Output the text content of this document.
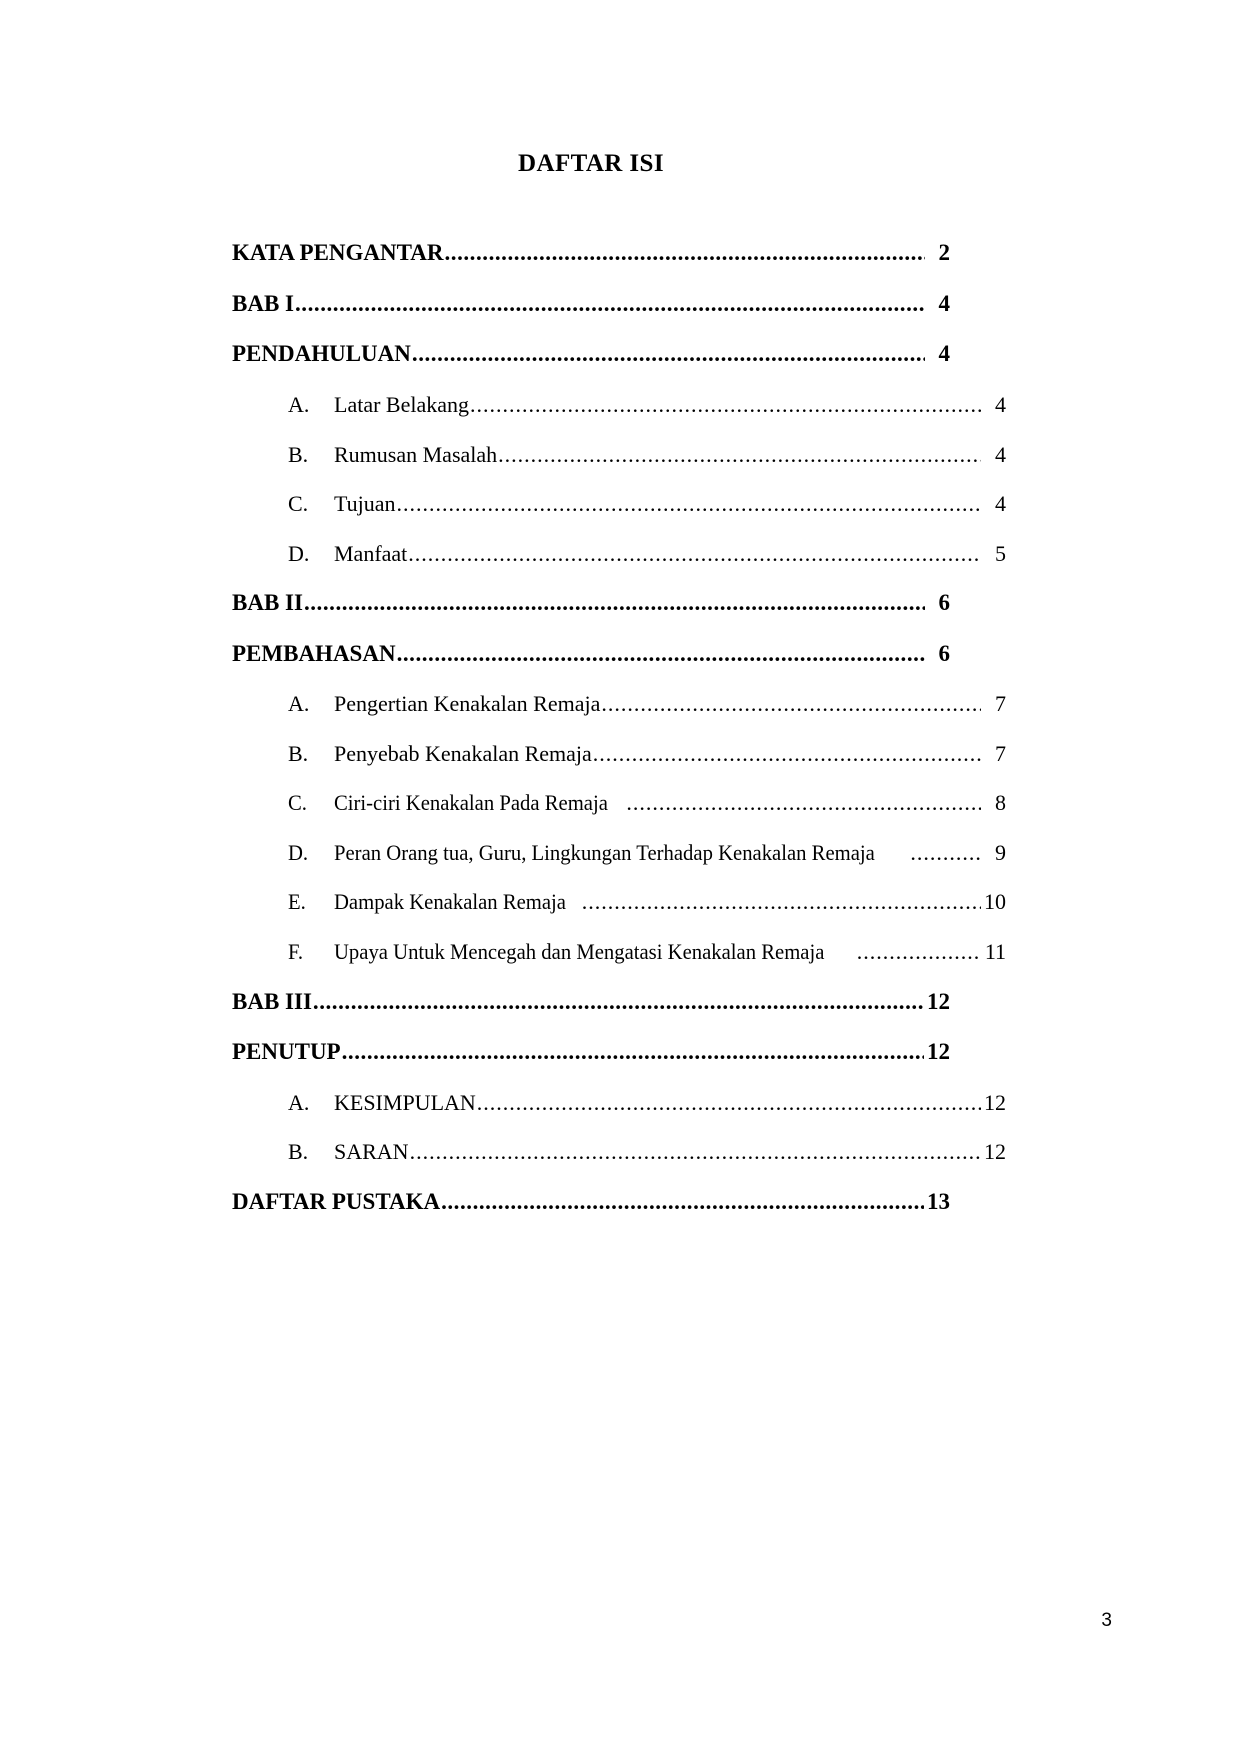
DAFTAR ISI
KATA PENGANTAR .....	2
BAB I .....	4
PENDAHULUAN .....	4
A.	Latar Belakang .....	4
B.	Rumusan Masalah .....	4
C.	Tujuan .....	4
D.	Manfaat .....	5
BAB II .....	6
PEMBAHASAN .....	6
A.	Pengertian Kenakalan Remaja .....	7
B.	Penyebab Kenakalan Remaja .....	7
C.	Ciri-ciri Kenakalan Pada Remaja .....	8
D.	Peran Orang tua, Guru, Lingkungan Terhadap Kenakalan Remaja .....	9
E.	Dampak Kenakalan Remaja .....	10
F.	Upaya Untuk Mencegah dan Mengatasi Kenakalan Remaja .....	11
BAB III .....	12
PENUTUP .....	12
A.	KESIMPULAN .....	12
B.	SARAN .....	12
DAFTAR PUSTAKA .....	13
3
